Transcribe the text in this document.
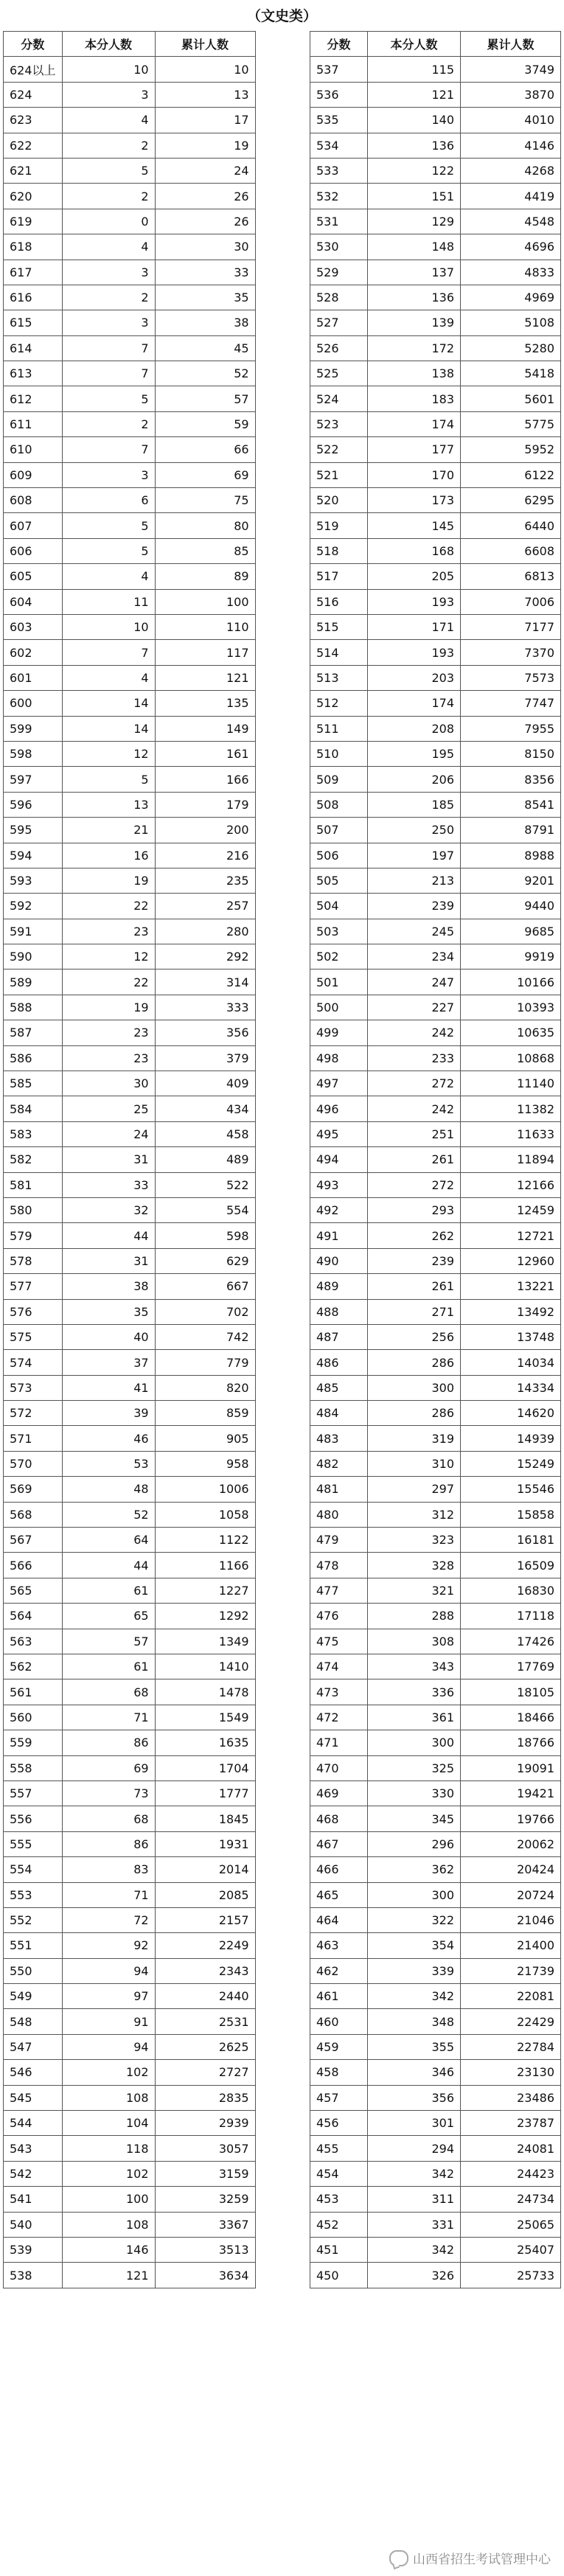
（文史类）
分数	本分人数	累计人数
624以上	10	10
624	3	13
623	4	17
622	2	19
621	5	24
620	2	26
619	0	26
618	4	30
617	3	33
616	2	35
615	3	38
614	7	45
613	7	52
612	5	57
611	2	59
610	7	66
609	3	69
608	6	75
607	5	80
606	5	85
605	4	89
604	11	100
603	10	110
602	7	117
601	4	121
600	14	135
599	14	149
598	12	161
597	5	166
596	13	179
595	21	200
594	16	216
593	19	235
592	22	257
591	23	280
590	12	292
589	22	314
588	19	333
587	23	356
586	23	379
585	30	409
584	25	434
583	24	458
582	31	489
581	33	522
580	32	554
579	44	598
578	31	629
577	38	667
576	35	702
575	40	742
574	37	779
573	41	820
572	39	859
571	46	905
570	53	958
569	48	1006
568	52	1058
567	64	1122
566	44	1166
565	61	1227
564	65	1292
563	57	1349
562	61	1410
561	68	1478
560	71	1549
559	86	1635
558	69	1704
557	73	1777
556	68	1845
555	86	1931
554	83	2014
553	71	2085
552	72	2157
551	92	2249
550	94	2343
549	97	2440
548	91	2531
547	94	2625
546	102	2727
545	108	2835
544	104	2939
543	118	3057
542	102	3159
541	100	3259
540	108	3367
539	146	3513
538	121	3634
分数	本分人数	累计人数
537	115	3749
536	121	3870
535	140	4010
534	136	4146
533	122	4268
532	151	4419
531	129	4548
530	148	4696
529	137	4833
528	136	4969
527	139	5108
526	172	5280
525	138	5418
524	183	5601
523	174	5775
522	177	5952
521	170	6122
520	173	6295
519	145	6440
518	168	6608
517	205	6813
516	193	7006
515	171	7177
514	193	7370
513	203	7573
512	174	7747
511	208	7955
510	195	8150
509	206	8356
508	185	8541
507	250	8791
506	197	8988
505	213	9201
504	239	9440
503	245	9685
502	234	9919
501	247	10166
500	227	10393
499	242	10635
498	233	10868
497	272	11140
496	242	11382
495	251	11633
494	261	11894
493	272	12166
492	293	12459
491	262	12721
490	239	12960
489	261	13221
488	271	13492
487	256	13748
486	286	14034
485	300	14334
484	286	14620
483	319	14939
482	310	15249
481	297	15546
480	312	15858
479	323	16181
478	328	16509
477	321	16830
476	288	17118
475	308	17426
474	343	17769
473	336	18105
472	361	18466
471	300	18766
470	325	19091
469	330	19421
468	345	19766
467	296	20062
466	362	20424
465	300	20724
464	322	21046
463	354	21400
462	339	21739
461	342	22081
460	348	22429
459	355	22784
458	346	23130
457	356	23486
456	301	23787
455	294	24081
454	342	24423
453	311	24734
452	331	25065
451	342	25407
450	326	25733
山西省招生考试管理中心
